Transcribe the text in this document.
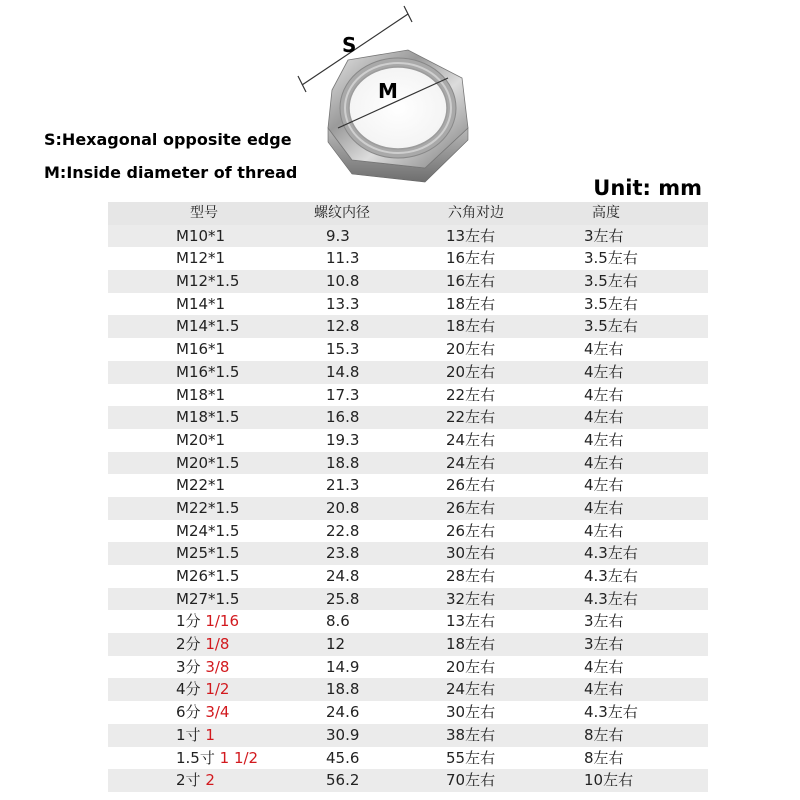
S
M
S:Hexagonal opposite edge
M:Inside diameter of thread
Unit: mm
型号	螺纹内径	六角对边	高度
M10*1	9.3	13左右	3左右
M12*1	11.3	16左右	3.5左右
M12*1.5	10.8	16左右	3.5左右
M14*1	13.3	18左右	3.5左右
M14*1.5	12.8	18左右	3.5左右
M16*1	15.3	20左右	4左右
M16*1.5	14.8	20左右	4左右
M18*1	17.3	22左右	4左右
M18*1.5	16.8	22左右	4左右
M20*1	19.3	24左右	4左右
M20*1.5	18.8	24左右	4左右
M22*1	21.3	26左右	4左右
M22*1.5	20.8	26左右	4左右
M24*1.5	22.8	26左右	4左右
M25*1.5	23.8	30左右	4.3左右
M26*1.5	24.8	28左右	4.3左右
M27*1.5	25.8	32左右	4.3左右
1分 1/16	8.6	13左右	3左右
2分 1/8	12	18左右	3左右
3分 3/8	14.9	20左右	4左右
4分 1/2	18.8	24左右	4左右
6分 3/4	24.6	30左右	4.3左右
1寸 1	30.9	38左右	8左右
1.5寸 1 1/2	45.6	55左右	8左右
2寸 2	56.2	70左右	10左右
